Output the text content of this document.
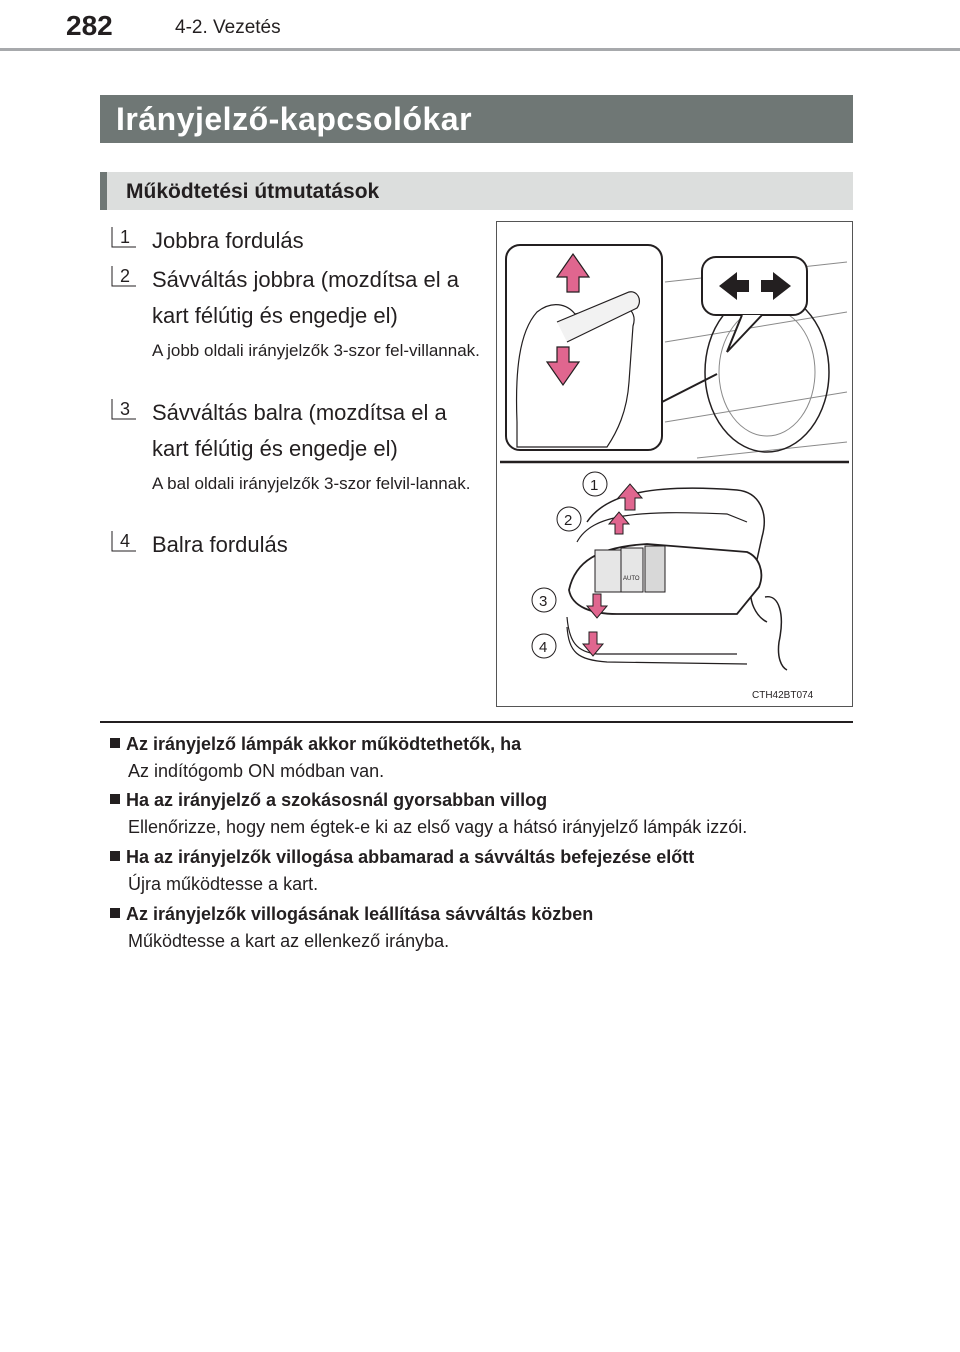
282	4-2. Vezetés
Irányjelző-kapcsolókar
Működtetési útmutatások
1 Jobbra fordulás
2 Sávváltás jobbra (mozdítsa el a kart félútig és engedje el)
A jobb oldali irányjelzők 3-szor fel-villannak.
3 Sávváltás balra (mozdítsa el a kart félútig és engedje el)
A bal oldali irányjelzők 3-szor felvil-lannak.
4 Balra fordulás
AUTO
1
2
3
4
CTH42BT074
Az irányjelző lámpák akkor működtethetők, ha
Az indítógomb ON módban van.
Ha az irányjelző a szokásosnál gyorsabban villog
Ellenőrizze, hogy nem égtek-e ki az első vagy a hátsó irányjelző lámpák izzói.
Ha az irányjelzők villogása abbamarad a sávváltás befejezése előtt
Újra működtesse a kart.
Az irányjelzők villogásának leállítása sávváltás közben
Működtesse a kart az ellenkező irányba.
